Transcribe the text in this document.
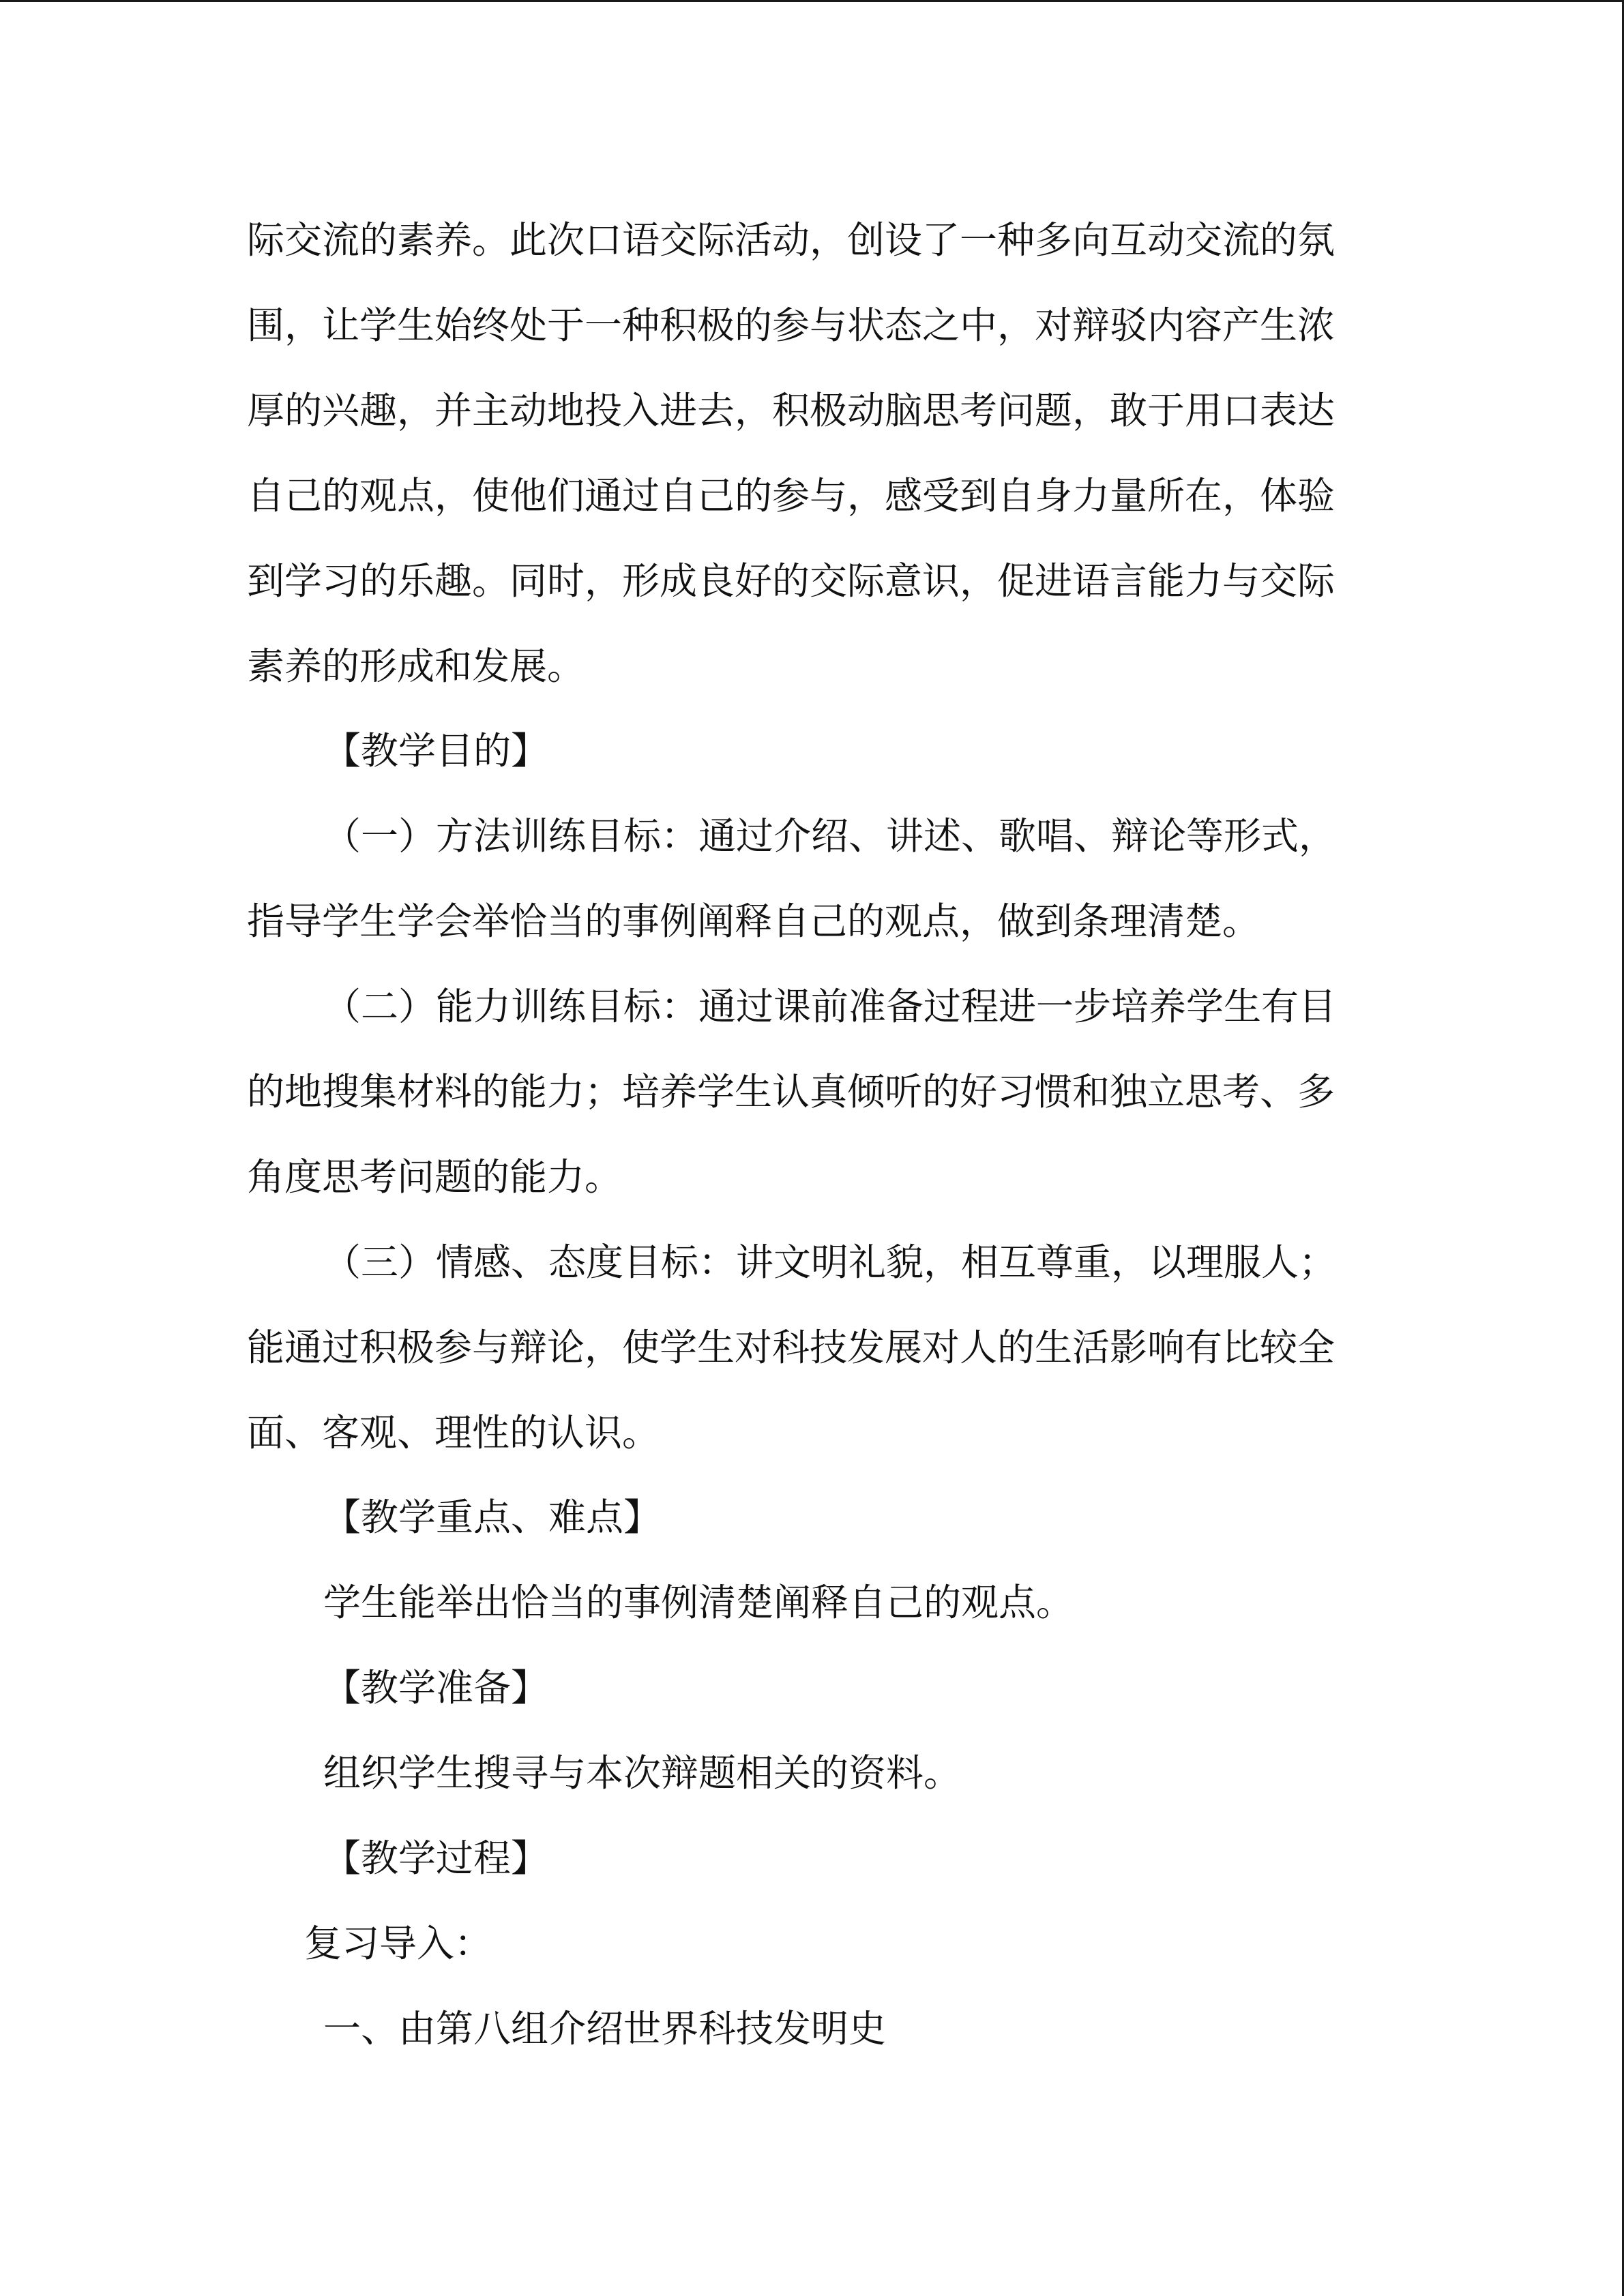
际交流的素养。此次口语交际活动，创设了一种多向互动交流的氛
围，让学生始终处于一种积极的参与状态之中，对辩驳内容产生浓
厚的兴趣，并主动地投入进去，积极动脑思考问题，敢于用口表达
自己的观点，使他们通过自己的参与，感受到自身力量所在，体验
到学习的乐趣。同时，形成良好的交际意识，促进语言能力与交际
素养的形成和发展。
【教学目的】
（一）方法训练目标：通过介绍、讲述、歌唱、辩论等形式，
指导学生学会举恰当的事例阐释自己的观点，做到条理清楚。
（二）能力训练目标：通过课前准备过程进一步培养学生有目
的地搜集材料的能力；培养学生认真倾听的好习惯和独立思考、多
角度思考问题的能力。
（三）情感、态度目标：讲文明礼貌，相互尊重，以理服人；
能通过积极参与辩论，使学生对科技发展对人的生活影响有比较全
面、客观、理性的认识。
【教学重点、难点】
学生能举出恰当的事例清楚阐释自己的观点。
【教学准备】
组织学生搜寻与本次辩题相关的资料。
【教学过程】
复习导入：
一、由第八组介绍世界科技发明史
